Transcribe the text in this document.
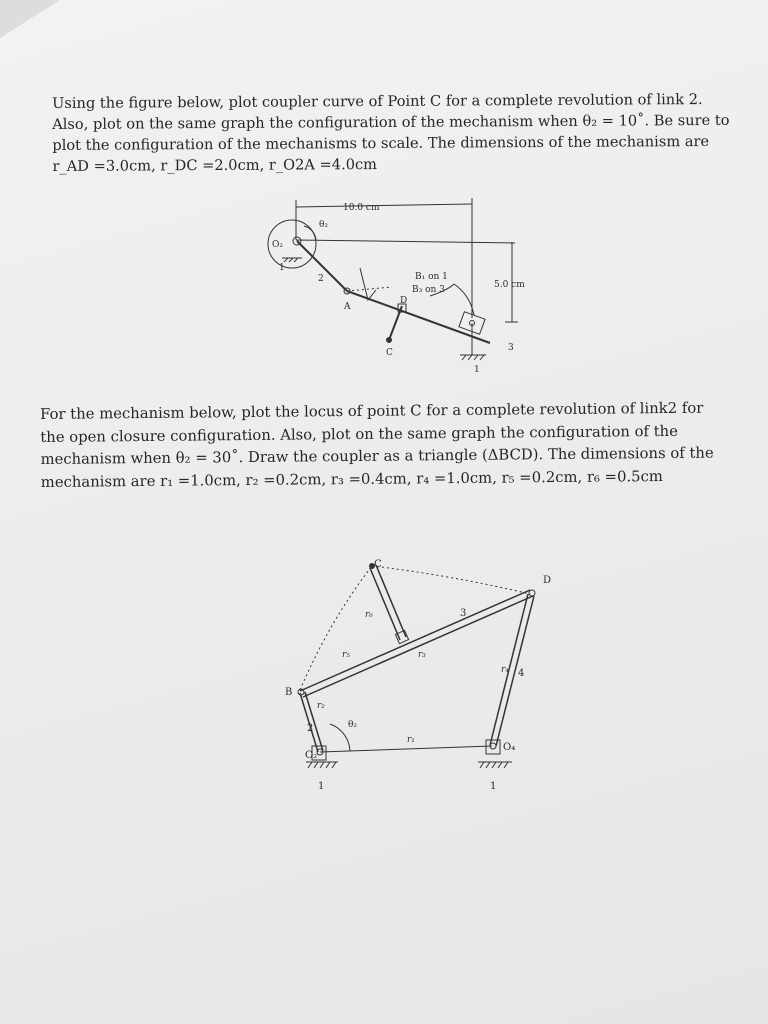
Using the figure below, plot coupler curve of Point C for a complete revolution of link 2.
Also, plot on the same graph the configuration of the mechanism when θ₂ = 10˚. Be sure to
plot the configuration of the mechanisms to scale. The dimensions of the mechanism are
r_AD =3.0cm, r_DC =2.0cm, r_O2A =4.0cm
10.0 cm
5.0 cm
θ₂
O₂
2
3
1
1
A
D
C
B₁ on 1
B₃ on 3
For the mechanism below, plot the locus of point C for a complete revolution of link2 for
the open closure configuration. Also, plot on the same graph the configuration of the
mechanism when θ₂ = 30˚. Draw the coupler as a triangle (ΔBCD). The dimensions of the
mechanism are r₁ =1.0cm, r₂ =0.2cm, r₃ =0.4cm, r₄ =1.0cm, r₅ =0.2cm, r₆ =0.5cm
C
D
B
O₂
O₄
r₆
r₅	r₃
r₄
r₂
r₁
θ₂
3
4
2
1	1
